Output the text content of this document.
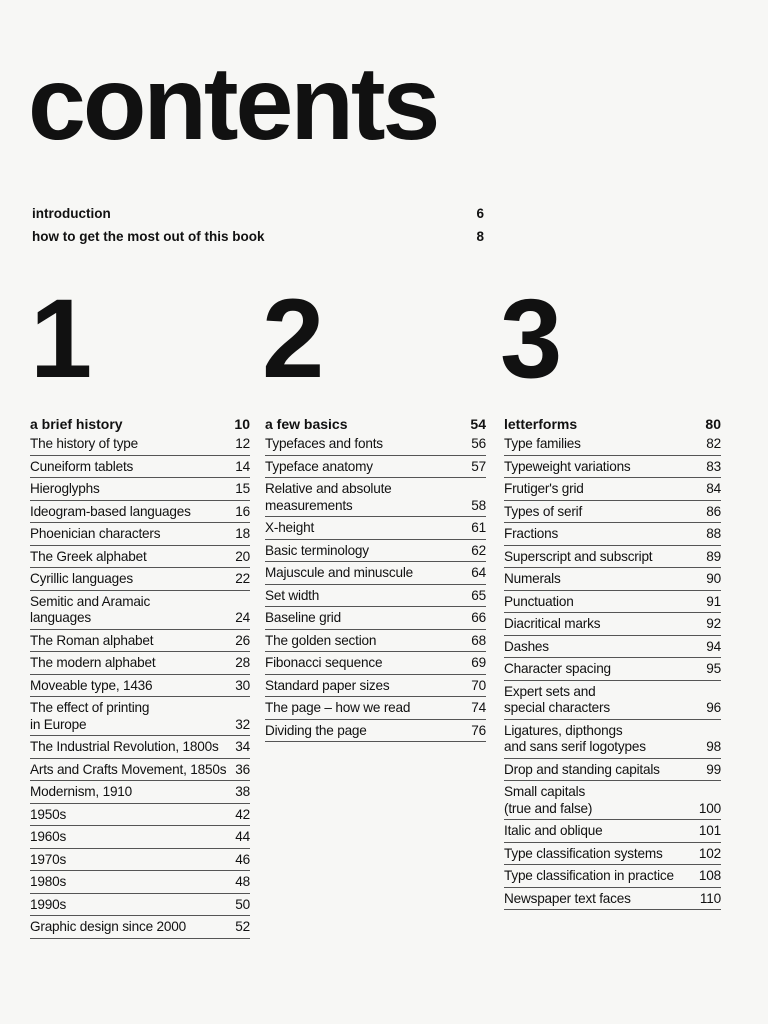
contents
introduction	6
how to get the most out of this book	8
1 2 3
a brief history	10
The history of type	12
Cuneiform tablets	14
Hieroglyphs	15
Ideogram-based languages	16
Phoenician characters	18
The Greek alphabet	20
Cyrillic languages	22
Semitic and Aramaic
languages	24
The Roman alphabet	26
The modern alphabet	28
Moveable type, 1436	30
The effect of printing
in Europe	32
The Industrial Revolution, 1800s 34
Arts and Crafts Movement, 1850s 36
Modernism, 1910	38
1950s	42
1960s	44
1970s	46
1980s	48
1990s	50
Graphic design since 2000	52
a few basics	54
Typefaces and fonts	56
Typeface anatomy	57
Relative and absolute
measurements	58
X-height	61
Basic terminology	62
Majuscule and minuscule	64
Set width	65
Baseline grid	66
The golden section	68
Fibonacci sequence	69
Standard paper sizes	70
The page – how we read	74
Dividing the page	76
letterforms	80
Type families	82
Typeweight variations	83
Frutiger's grid	84
Types of serif	86
Fractions	88
Superscript and subscript	89
Numerals	90
Punctuation	91
Diacritical marks	92
Dashes	94
Character spacing	95
Expert sets and
special characters	96
Ligatures, dipthongs
and sans serif logotypes	98
Drop and standing capitals	99
Small capitals
(true and false)	100
Italic and oblique	101
Type classification systems	102
Type classification in practice 108
Newspaper text faces	110
